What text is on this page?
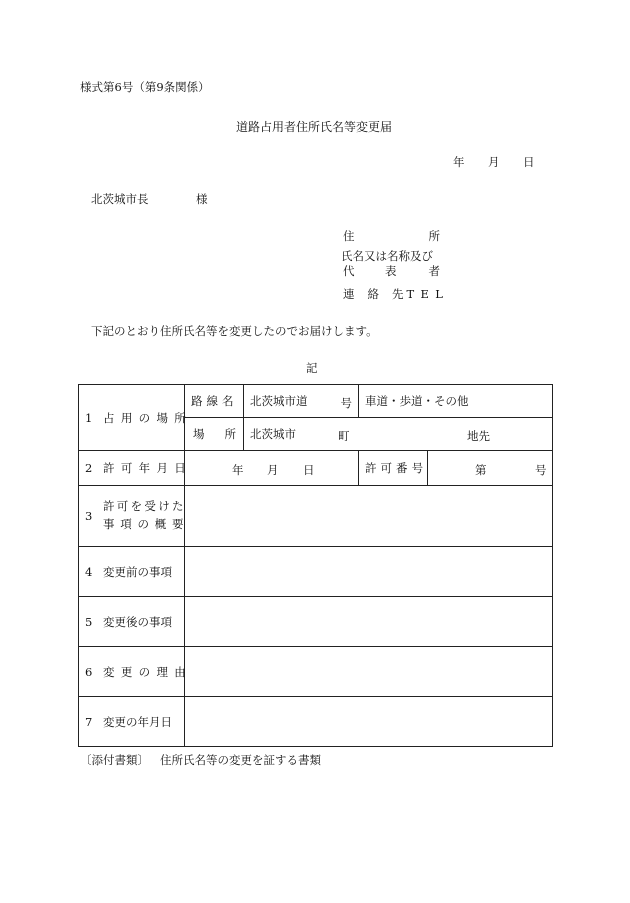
様式第6号（第9条関係）
道路占用者住所氏名等変更届
年 月 日
北茨城市長	様
住	所
氏名又は名称及び
代	表	者
連 絡 先 TEL
下記のとおり住所氏名等を変更したのでお届けします。
記
1 占用の場所	路線名	北茨城市道 号	車道・歩道・その他	
	場 所	北茨城市 町 地先		

2 許可年月日	年 月 日		許可番号	第 号

3
許可を受けた
事項の概要				

4 変更前の事項				
5 変更後の事項				
6 変更の理由				
7 変更の年月日				
〔添付書類〕 住所氏名等の変更を証する書類
